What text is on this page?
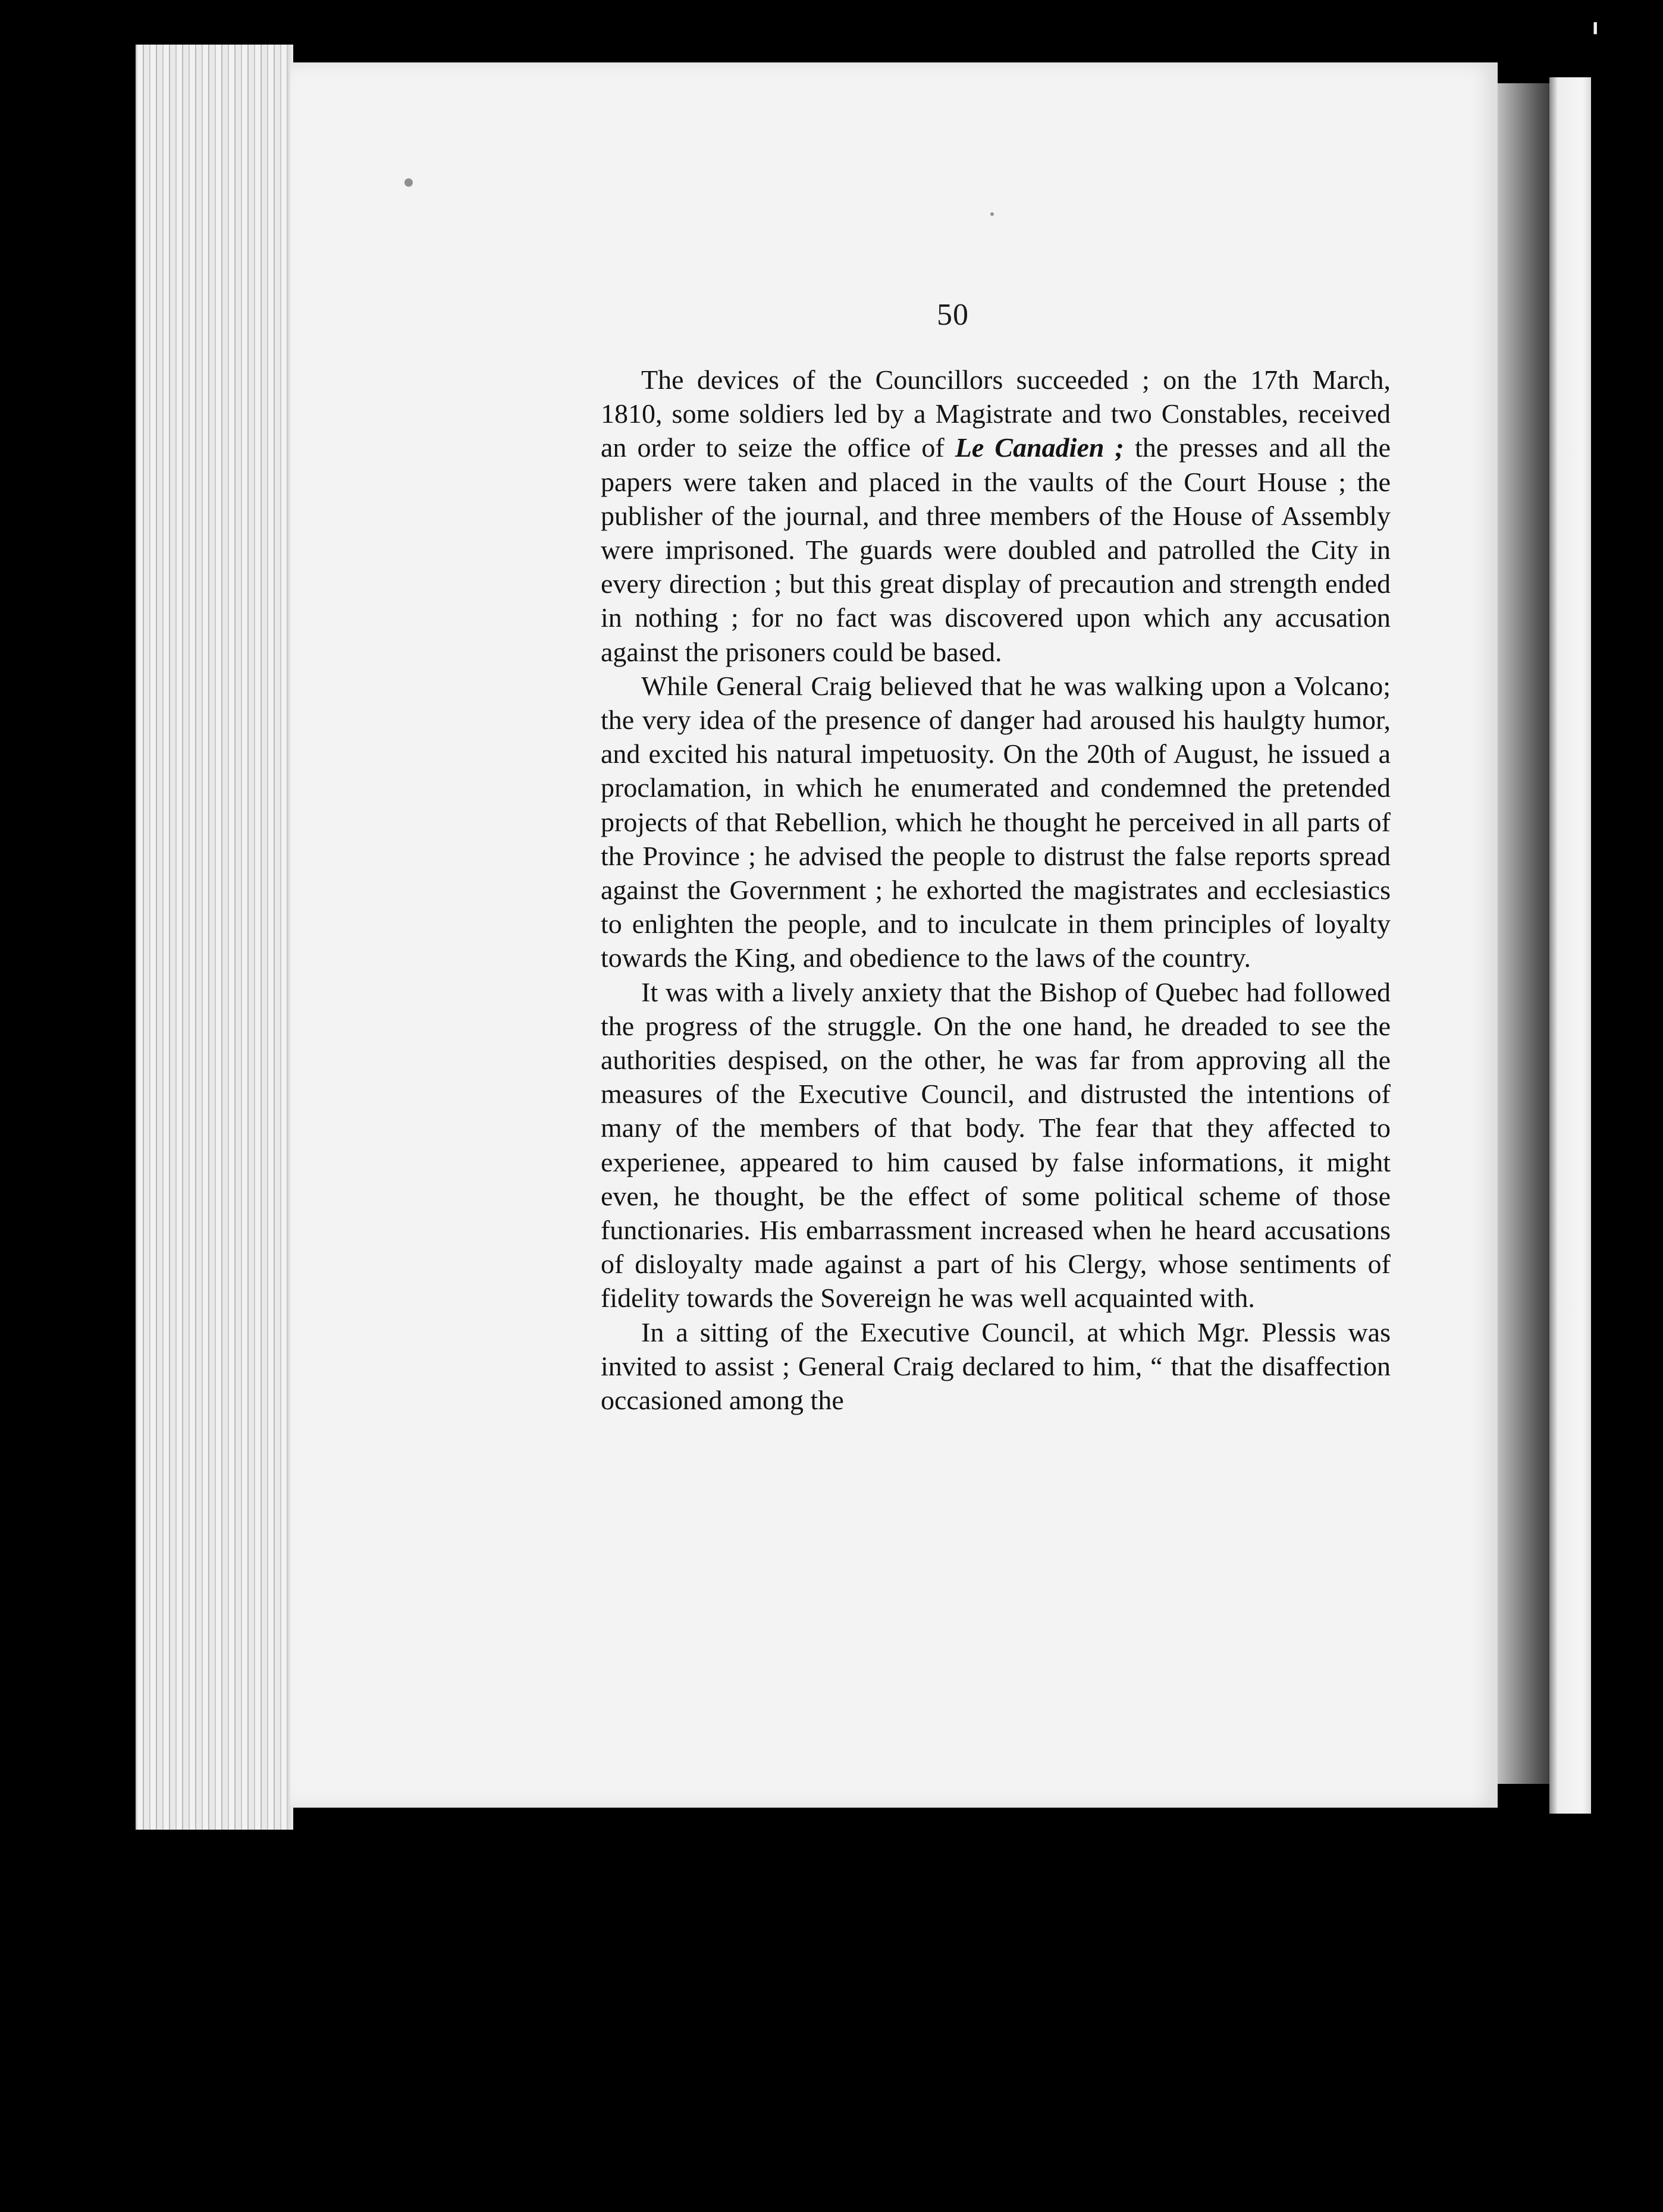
╻
50

The devices of the Councillors succeeded ; on the 17th March, 1810, some soldiers led by a Magistrate and two Constables, received an order to seize the office of Le Canadien ; the presses and all the papers were taken and placed in the vaults of the Court House ; the publisher of the journal, and three members of the House of Assembly were imprisoned. The guards were doubled and patrolled the City in every direction ; but this great display of precaution and strength ended in nothing ; for no fact was discovered upon which any accusation against the prisoners could be based.

While General Craig believed that he was walking upon a Volcano; the very idea of the presence of danger had aroused his haulgty humor, and excited his natural impetuosity. On the 20th of August, he issued a proclamation, in which he enumerated and condemned the pretended projects of that Rebellion, which he thought he perceived in all parts of the Province ; he advised the people to distrust the false reports spread against the Government ; he exhorted the magistrates and ecclesiastics to enlighten the people, and to inculcate in them principles of loyalty towards the King, and obedience to the laws of the country.

It was with a lively anxiety that the Bishop of Quebec had followed the progress of the struggle. On the one hand, he dreaded to see the authorities despised, on the other, he was far from approving all the measures of the Executive Council, and distrusted the intentions of many of the members of that body. The fear that they affected to experienee, appeared to him caused by false informations, it might even, he thought, be the effect of some political scheme of those functionaries. His embarrassment increased when he heard accusations of disloyalty made against a part of his Clergy, whose sentiments of fidelity towards the Sovereign he was well acquainted with.

In a sitting of the Executive Council, at which Mgr. Plessis was invited to assist ; General Craig declared to him, “ that the disaffection occasioned among the
